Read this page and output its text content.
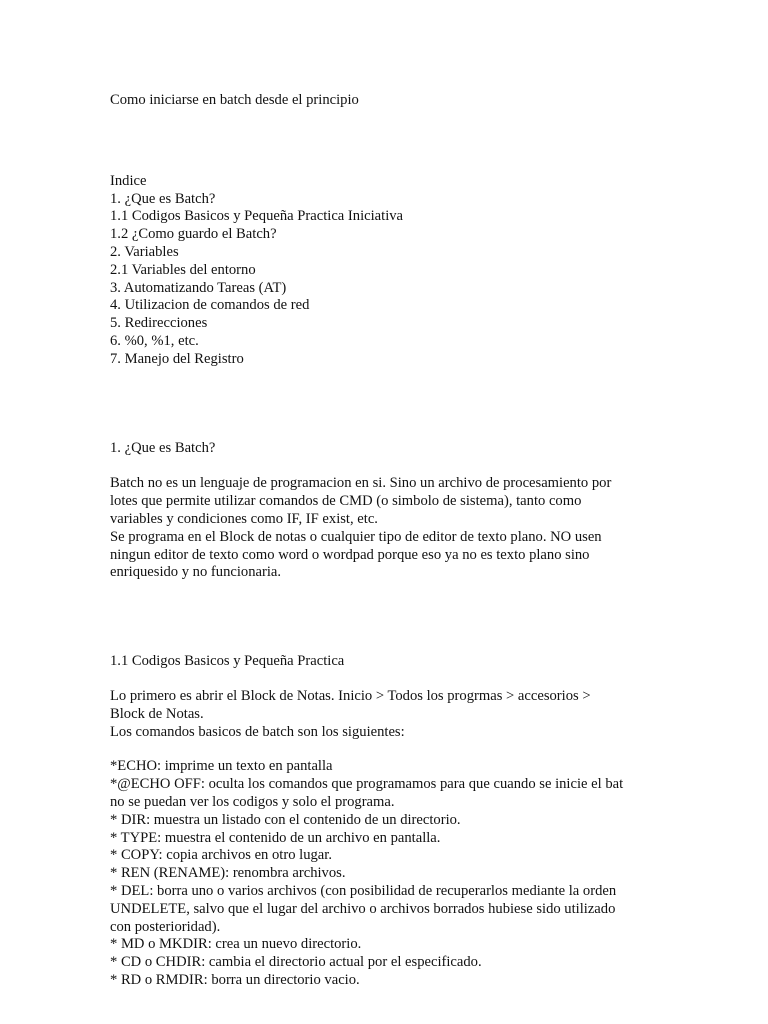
Como iniciarse en batch desde el principio

Indice

1. ¿Que es Batch?

1.1 Codigos Basicos y Pequeña Practica Iniciativa

1.2 ¿Como guardo el Batch?

2. Variables

2.1 Variables del entorno

3. Automatizando Tareas (AT)

4. Utilizacion de comandos de red

5. Redirecciones

6. %0, %1, etc.

7. Manejo del Registro

1. ¿Que es Batch?

Batch no es un lenguaje de programacion en si. Sino un archivo de procesamiento por

lotes que permite utilizar comandos de CMD (o simbolo de sistema), tanto como

variables y condiciones como IF, IF exist, etc.

Se programa en el Block de notas o cualquier tipo de editor de texto plano. NO usen

ningun editor de texto como word o wordpad porque eso ya no es texto plano sino

enriquesido y no funcionaria.

1.1 Codigos Basicos y Pequeña Practica

Lo primero es abrir el Block de Notas. Inicio > Todos los progrmas > accesorios >

Block de Notas.

Los comandos basicos de batch son los siguientes:

*ECHO: imprime un texto en pantalla

*@ECHO OFF: oculta los comandos que programamos para que cuando se inicie el bat

no se puedan ver los codigos y solo el programa.

* DIR: muestra un listado con el contenido de un directorio.

* TYPE: muestra el contenido de un archivo en pantalla.

* COPY: copia archivos en otro lugar.

* REN (RENAME): renombra archivos.

* DEL: borra uno o varios archivos (con posibilidad de recuperarlos mediante la orden

UNDELETE, salvo que el lugar del archivo o archivos borrados hubiese sido utilizado

con posterioridad).

* MD o MKDIR: crea un nuevo directorio.

* CD o CHDIR: cambia el directorio actual por el especificado.

* RD o RMDIR: borra un directorio vacio.
